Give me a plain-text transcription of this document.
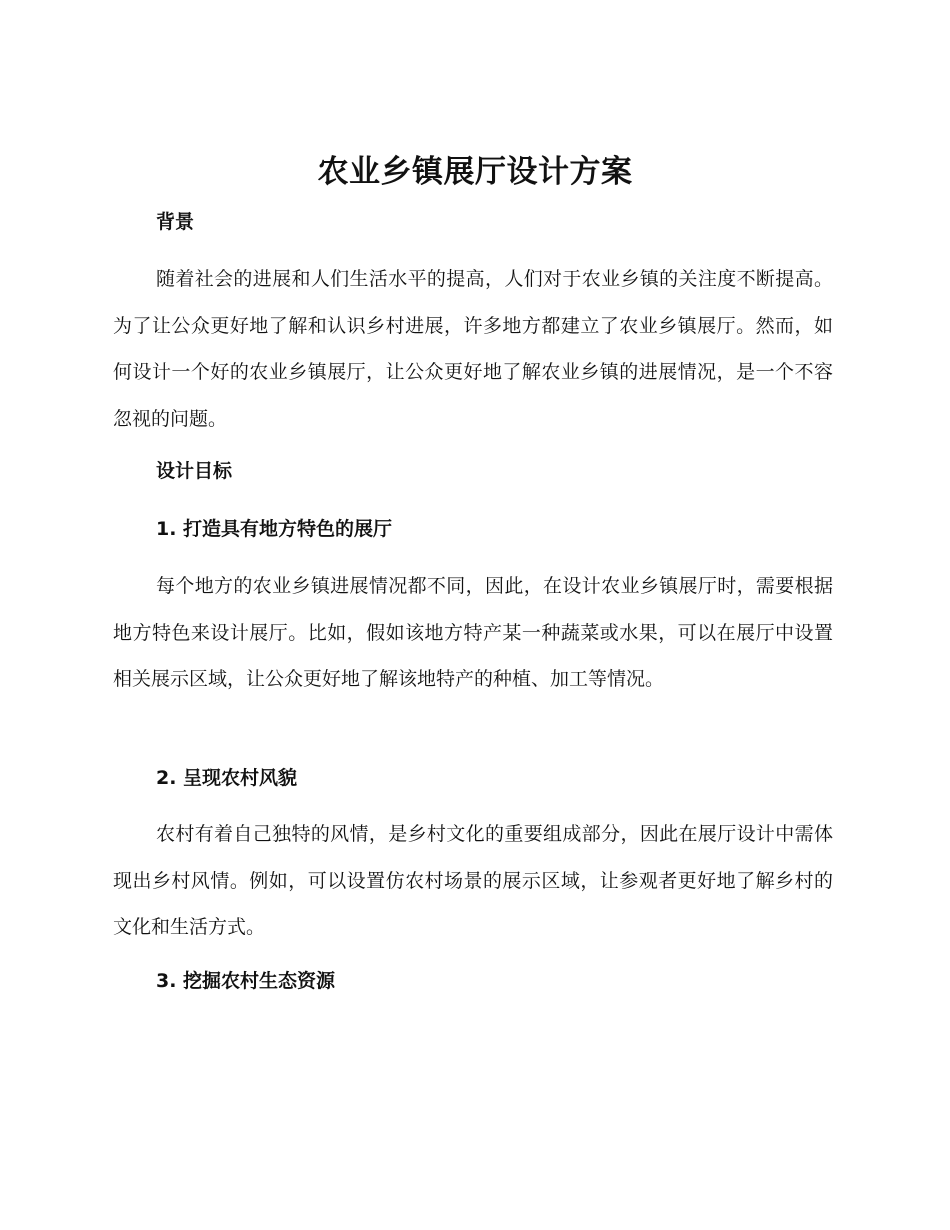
农业乡镇展厅设计方案
背景
随着社会的进展和人们生活水平的提高，人们对于农业乡镇的关注度不断提高。为了让公众更好地了解和认识乡村进展，许多地方都建立了农业乡镇展厅。然而，如何设计一个好的农业乡镇展厅，让公众更好地了解农业乡镇的进展情况，是一个不容忽视的问题。
设计目标
1. 打造具有地方特色的展厅
每个地方的农业乡镇进展情况都不同，因此，在设计农业乡镇展厅时，需要根据地方特色来设计展厅。比如，假如该地方特产某一种蔬菜或水果，可以在展厅中设置相关展示区域，让公众更好地了解该地特产的种植、加工等情况。
2. 呈现农村风貌
农村有着自己独特的风情，是乡村文化的重要组成部分，因此在展厅设计中需体现出乡村风情。例如，可以设置仿农村场景的展示区域，让参观者更好地了解乡村的文化和生活方式。
3. 挖掘农村生态资源
